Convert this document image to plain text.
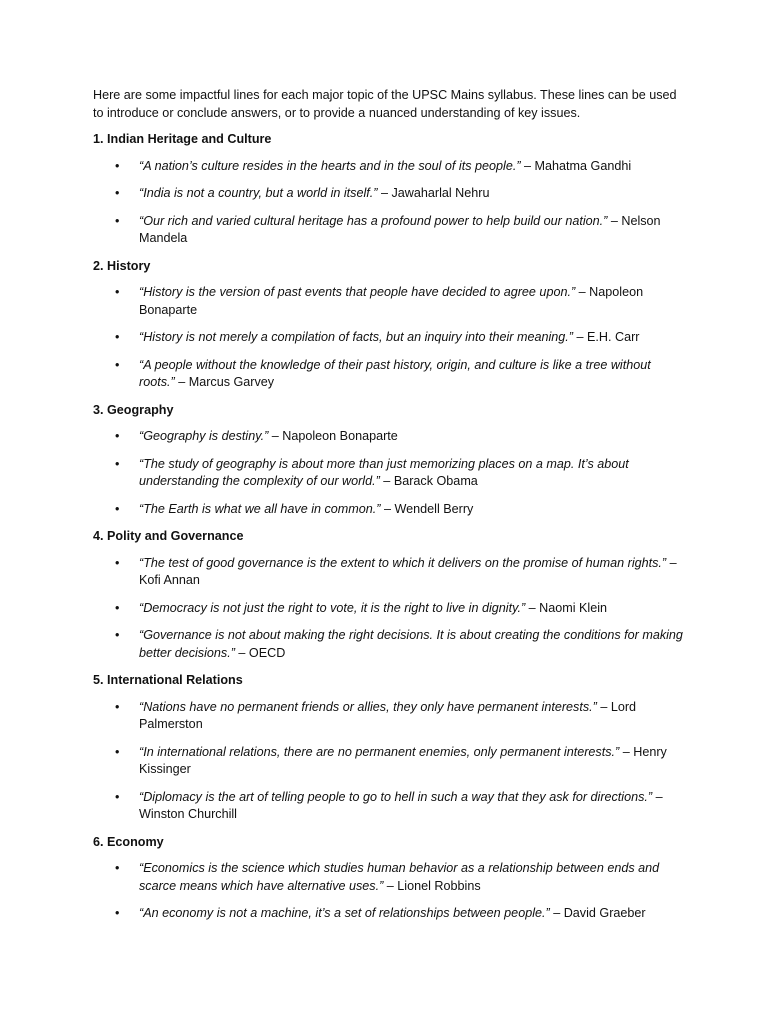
Here are some impactful lines for each major topic of the UPSC Mains syllabus. These lines can be used to introduce or conclude answers, or to provide a nuanced understanding of key issues.

1. Indian Heritage and Culture

• “A nation’s culture resides in the hearts and in the soul of its people.” – Mahatma Gandhi
• “India is not a country, but a world in itself.” – Jawaharlal Nehru
• “Our rich and varied cultural heritage has a profound power to help build our nation.” – Nelson Mandela

2. History

• “History is the version of past events that people have decided to agree upon.” – Napoleon Bonaparte
• “History is not merely a compilation of facts, but an inquiry into their meaning.” – E.H. Carr
• “A people without the knowledge of their past history, origin, and culture is like a tree without roots.” – Marcus Garvey

3. Geography

• “Geography is destiny.” – Napoleon Bonaparte
• “The study of geography is about more than just memorizing places on a map. It’s about understanding the complexity of our world.” – Barack Obama
• “The Earth is what we all have in common.” – Wendell Berry

4. Polity and Governance

• “The test of good governance is the extent to which it delivers on the promise of human rights.” – Kofi Annan
• “Democracy is not just the right to vote, it is the right to live in dignity.” – Naomi Klein
• “Governance is not about making the right decisions. It is about creating the conditions for making better decisions.” – OECD

5. International Relations

• “Nations have no permanent friends or allies, they only have permanent interests.” – Lord Palmerston
• “In international relations, there are no permanent enemies, only permanent interests.” – Henry Kissinger
• “Diplomacy is the art of telling people to go to hell in such a way that they ask for directions.” – Winston Churchill

6. Economy

• “Economics is the science which studies human behavior as a relationship between ends and scarce means which have alternative uses.” – Lionel Robbins
• “An economy is not a machine, it’s a set of relationships between people.” – David Graeber
